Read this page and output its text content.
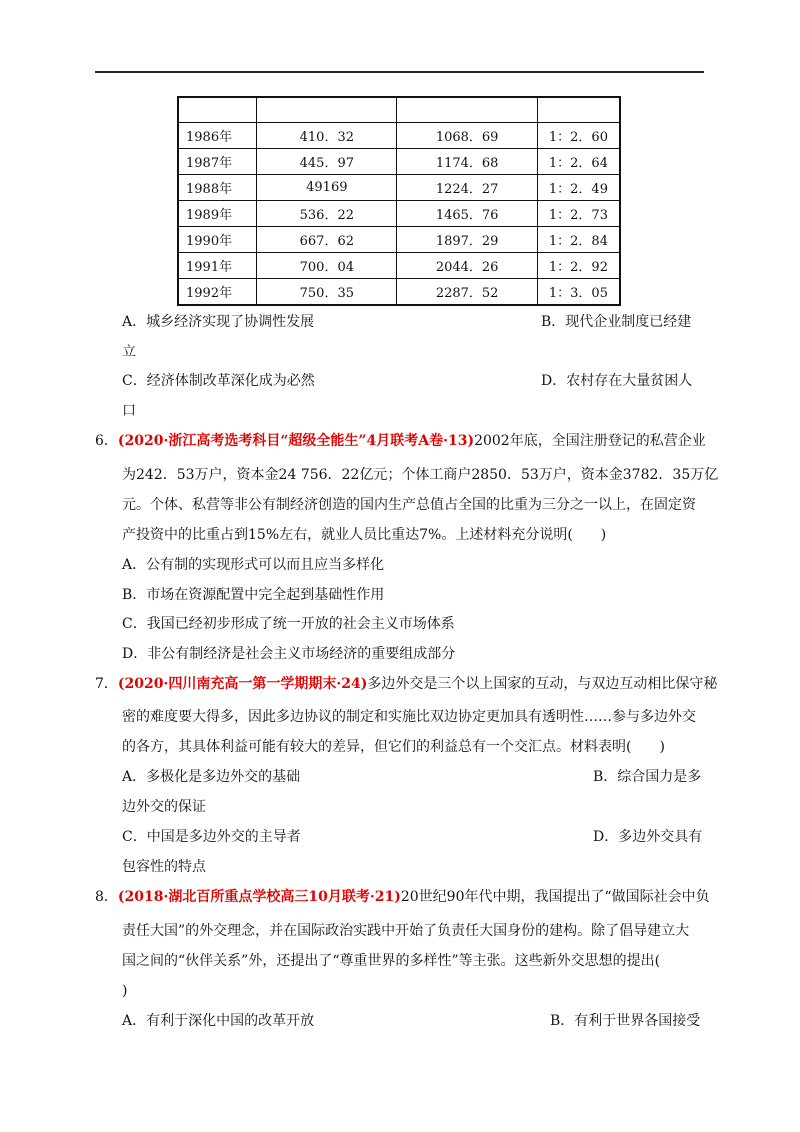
1986年	410．32	1068．69	1：2．60
1987年	445．97	1174．68	1：2．64
1988年	49169	1224．27	1：2．49
1989年	536．22	1465．76	1：2．73
1990年	667．62	1897．29	1：2．84
1991年	700．04	2044．26	1：2．92
1992年	750．35	2287．52	1：3．05
A．城乡经济实现了协调性发展	B．现代企业制度已经建
立
C．经济体制改革深化成为必然	D．农村存在大量贫困人
口
6．(2020·浙江高考选考科目“超级全能生”4月联考A卷·13)2002年底，全国注册登记的私营企业
为242．53万户，资本金24 756．22亿元；个体工商户2850．53万户，资本金3782．35万亿
元。个体、私营等非公有制经济创造的国内生产总值占全国的比重为三分之一以上，在固定资
产投资中的比重占到15%左右，就业人员比重达7%。上述材料充分说明(　　)
A．公有制的实现形式可以而且应当多样化
B．市场在资源配置中完全起到基础性作用
C．我国已经初步形成了统一开放的社会主义市场体系
D．非公有制经济是社会主义市场经济的重要组成部分
7．(2020·四川南充高一第一学期期末·24)多边外交是三个以上国家的互动，与双边互动相比保守秘
密的难度要大得多，因此多边协议的制定和实施比双边协定更加具有透明性……参与多边外交
的各方，其具体利益可能有较大的差异，但它们的利益总有一个交汇点。材料表明(　　)
A．多极化是多边外交的基础	B．综合国力是多
边外交的保证
C．中国是多边外交的主导者	D．多边外交具有
包容性的特点
8．(2018·湖北百所重点学校高三10月联考·21)20世纪90年代中期，我国提出了“做国际社会中负
责任大国”的外交理念，并在国际政治实践中开始了负责任大国身份的建构。除了倡导建立大
国之间的“伙伴关系”外，还提出了“尊重世界的多样性”等主张。这些新外交思想的提出(
)
A．有利于深化中国的改革开放	B．有利于世界各国接受
